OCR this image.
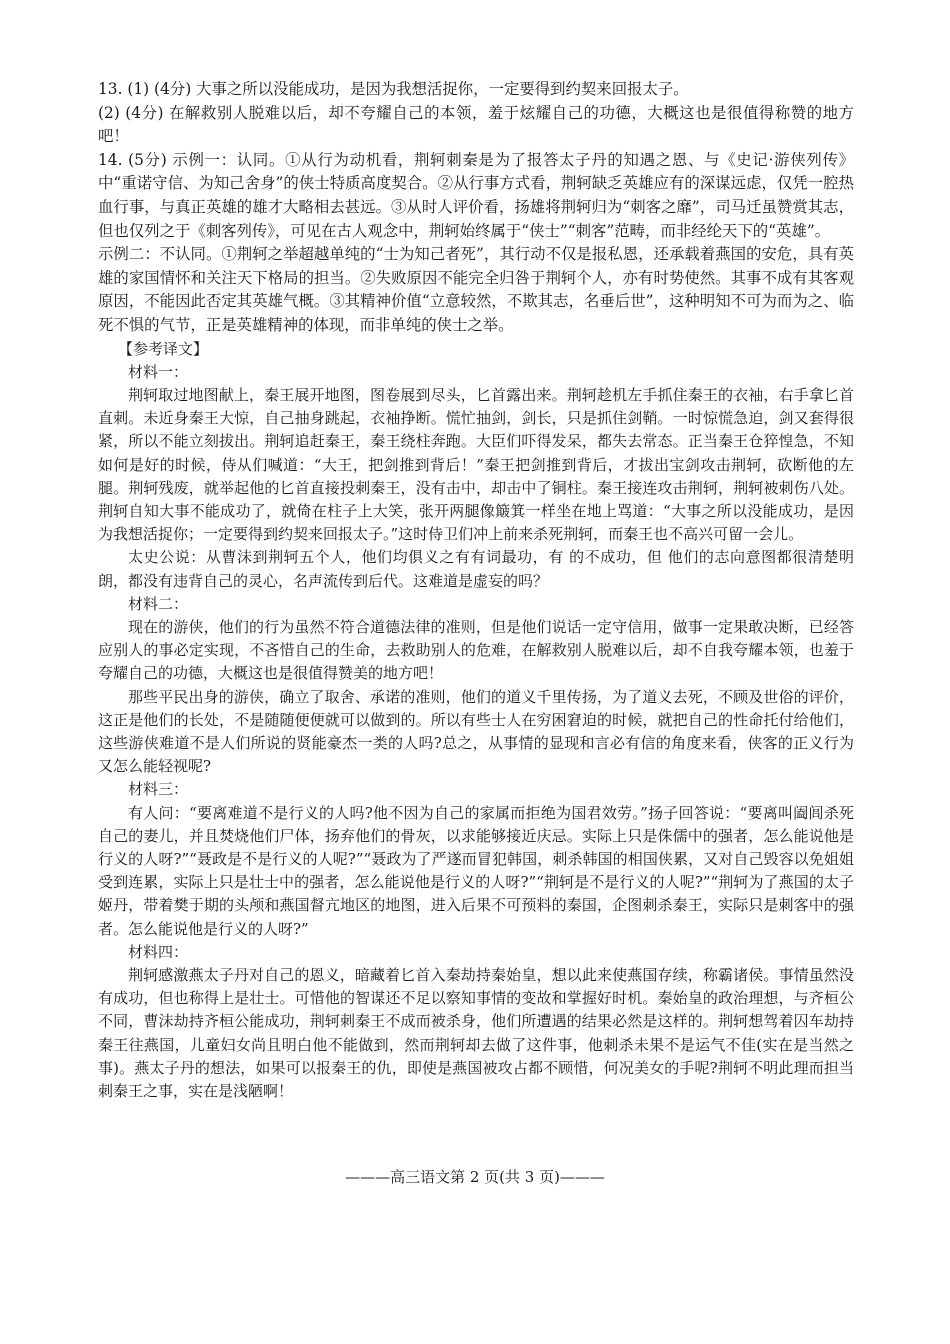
13. (1) (4分) 大事之所以没能成功，是因为我想活捉你，一定要得到约契来回报太子。

(2) (4分) 在解救别人脱难以后，却不夸耀自己的本领，羞于炫耀自己的功德，大概这也是很值得称赞的地方吧！

14. (5分) 示例一：认同。①从行为动机看，荆轲刺秦是为了报答太子丹的知遇之恩、与《史记·游侠列传》中“重诺守信、为知己舍身”的侠士特质高度契合。②从行事方式看，荆轲缺乏英雄应有的深谋远虑，仅凭一腔热血行事，与真正英雄的雄才大略相去甚远。③从时人评价看，扬雄将荆轲归为“刺客之靡”，司马迁虽赞赏其志，但也仅列之于《刺客列传》，可见在古人观念中，荆轲始终属于“侠士”“刺客”范畴，而非经纶天下的“英雄”。

示例二：不认同。①荆轲之举超越单纯的“士为知己者死”，其行动不仅是报私恩，还承载着燕国的安危，具有英雄的家国情怀和关注天下格局的担当。②失败原因不能完全归咎于荆轲个人，亦有时势使然。其事不成有其客观原因，不能因此否定其英雄气概。③其精神价值“立意较然，不欺其志，名垂后世”，这种明知不可为而为之、临死不惧的气节，正是英雄精神的体现，而非单纯的侠士之举。

【参考译文】
材料一：

荆轲取过地图献上，秦王展开地图，图卷展到尽头，匕首露出来。荆轲趁机左手抓住秦王的衣袖，右手拿匕首直刺。未近身秦王大惊，自己抽身跳起，衣袖挣断。慌忙抽剑，剑长，只是抓住剑鞘。一时惊慌急迫，剑又套得很紧，所以不能立刻拔出。荆轲追赶秦王，秦王绕柱奔跑。大臣们吓得发呆，都失去常态。正当秦王仓猝惶急，不知如何是好的时候，侍从们喊道：“大王，把剑推到背后！”秦王把剑推到背后，才拔出宝剑攻击荆轲，砍断他的左腿。荆轲残废，就举起他的匕首直接投刺秦王，没有击中，却击中了铜柱。秦王接连攻击荆轲，荆轲被刺伤八处。荆轲自知大事不能成功了，就倚在柱子上大笑，张开两腿像簸箕一样坐在地上骂道：“大事之所以没能成功，是因为我想活捉你；一定要得到约契来回报太子。”这时侍卫们冲上前来杀死荆轲，而秦王也不高兴可留一会儿。

太史公说：从曹沫到荆轲五个人，他们均俱义之有有词最功，有 的不成功，但 他们的志向意图都很清楚明朗，都没有违背自己的灵心，名声流传到后代。这难道是虚妄的吗？

材料二：

现在的游侠，他们的行为虽然不符合道德法律的准则，但是他们说话一定守信用，做事一定果敢决断，已经答应别人的事必定实现，不吝惜自己的生命，去救助别人的危难，在解救别人脱难以后，却不自我夸耀本领，也羞于夸耀自己的功德，大概这也是很值得赞美的地方吧！

那些平民出身的游侠，确立了取舍、承诺的准则，他们的道义千里传扬，为了道义去死，不顾及世俗的评价，这正是他们的长处，不是随随便便就可以做到的。所以有些士人在穷困窘迫的时候，就把自己的性命托付给他们，这些游侠难道不是人们所说的贤能豪杰一类的人吗?总之，从事情的显现和言必有信的角度来看，侠客的正义行为又怎么能轻视呢?

材料三：

有人问：“要离难道不是行义的人吗?他不因为自己的家属而拒绝为国君效劳。”扬子回答说：“要离叫阖闾杀死自己的妻儿，并且焚烧他们尸体，扬弃他们的骨灰，以求能够接近庆忌。实际上只是侏儒中的强者，怎么能说他是行义的人呀?”“聂政是不是行义的人呢?”“聂政为了严遂而冒犯韩国，刺杀韩国的相国侠累，又对自己毁容以免姐姐受到连累，实际上只是壮士中的强者，怎么能说他是行义的人呀?”“荆轲是不是行义的人呢?”“荆轲为了燕国的太子姬丹，带着樊于期的头颅和燕国督亢地区的地图，进入后果不可预料的秦国，企图刺杀秦王，实际只是刺客中的强者。怎么能说他是行义的人呀?”

材料四：

荆轲感激燕太子丹对自己的恩义，暗藏着匕首入秦劫持秦始皇，想以此来使燕国存续，称霸诸侯。事情虽然没有成功，但也称得上是壮士。可惜他的智谋还不足以察知事情的变故和掌握好时机。秦始皇的政治理想，与齐桓公不同，曹沫劫持齐桓公能成功，荆轲刺秦王不成而被杀身，他们所遭遇的结果必然是这样的。荆轲想驾着囚车劫持秦王往燕国，儿童妇女尚且明白他不能做到，然而荆轲却去做了这件事，他刺杀未果不是运气不佳(实在是当然之事)。燕太子丹的想法，如果可以报秦王的仇，即使是燕国被攻占都不顾惜，何况美女的手呢?荆轲不明此理而担当刺秦王之事，实在是浅陋啊！

———高三语文第 2 页(共 3 页)———
